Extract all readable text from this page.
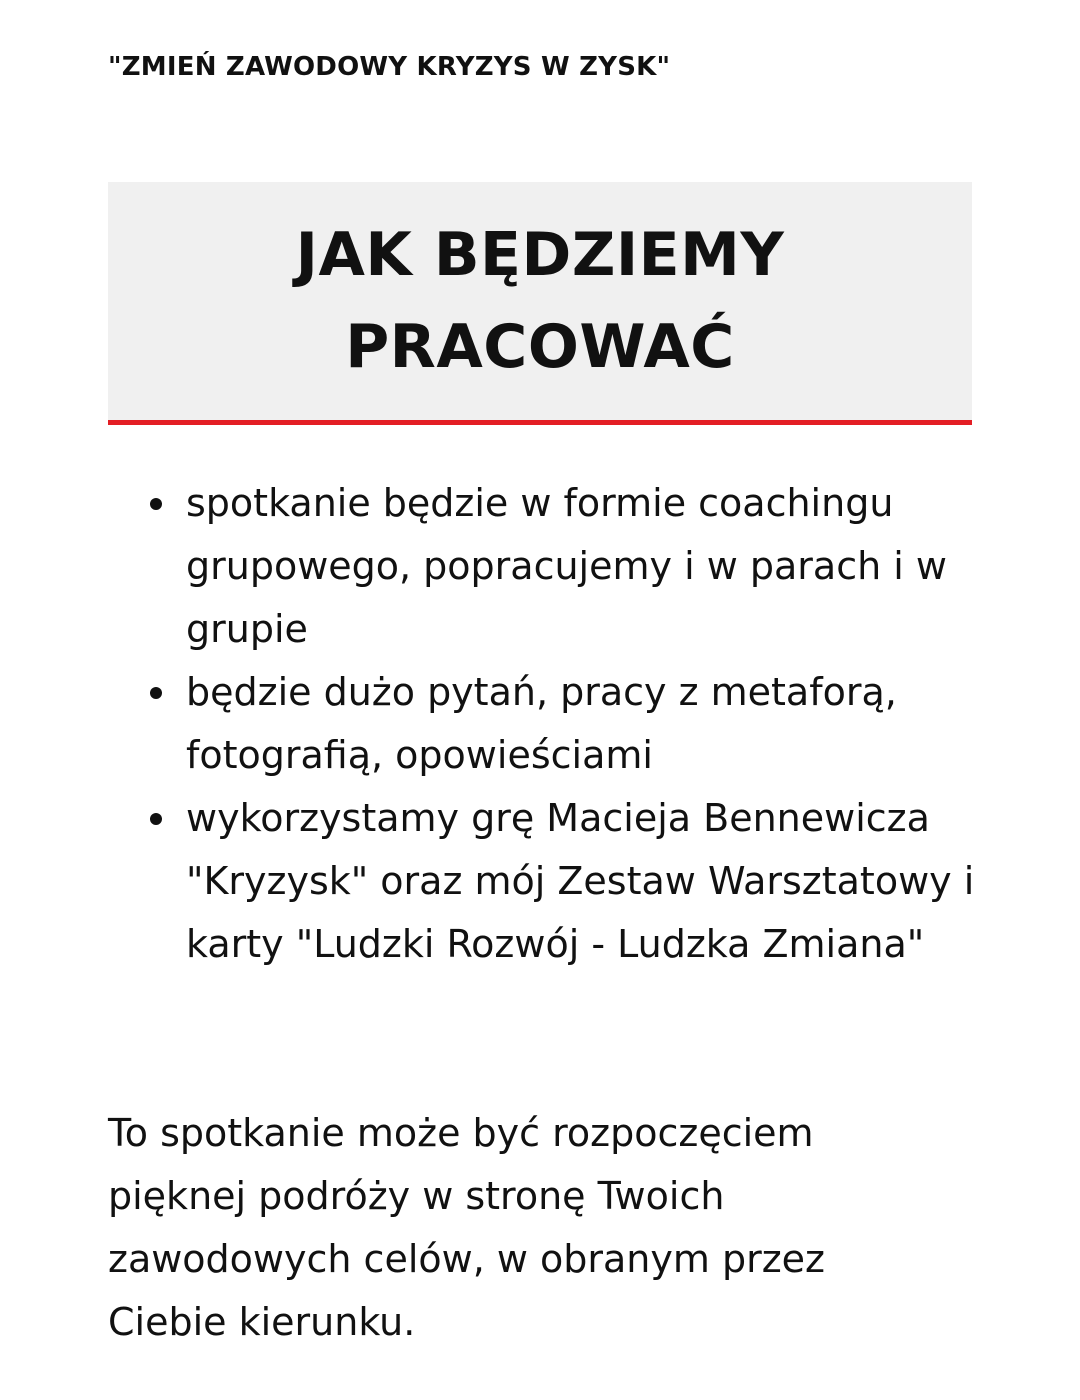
"ZMIEŃ ZAWODOWY KRYZYS W ZYSK"
JAK BĘDZIEMY PRACOWAĆ
spotkanie będzie w formie coachingu grupowego, popracujemy i w parach i w grupie
będzie dużo pytań, pracy z metaforą, fotografią, opowieściami
wykorzystamy grę Macieja Bennewicza "Kryzysk" oraz mój Zestaw Warsztatowy i karty "Ludzki Rozwój - Ludzka Zmiana"

To spotkanie może być rozpoczęciem pięknej podróży w stronę Twoich zawodowych celów, w obranym przez Ciebie kierunku.
